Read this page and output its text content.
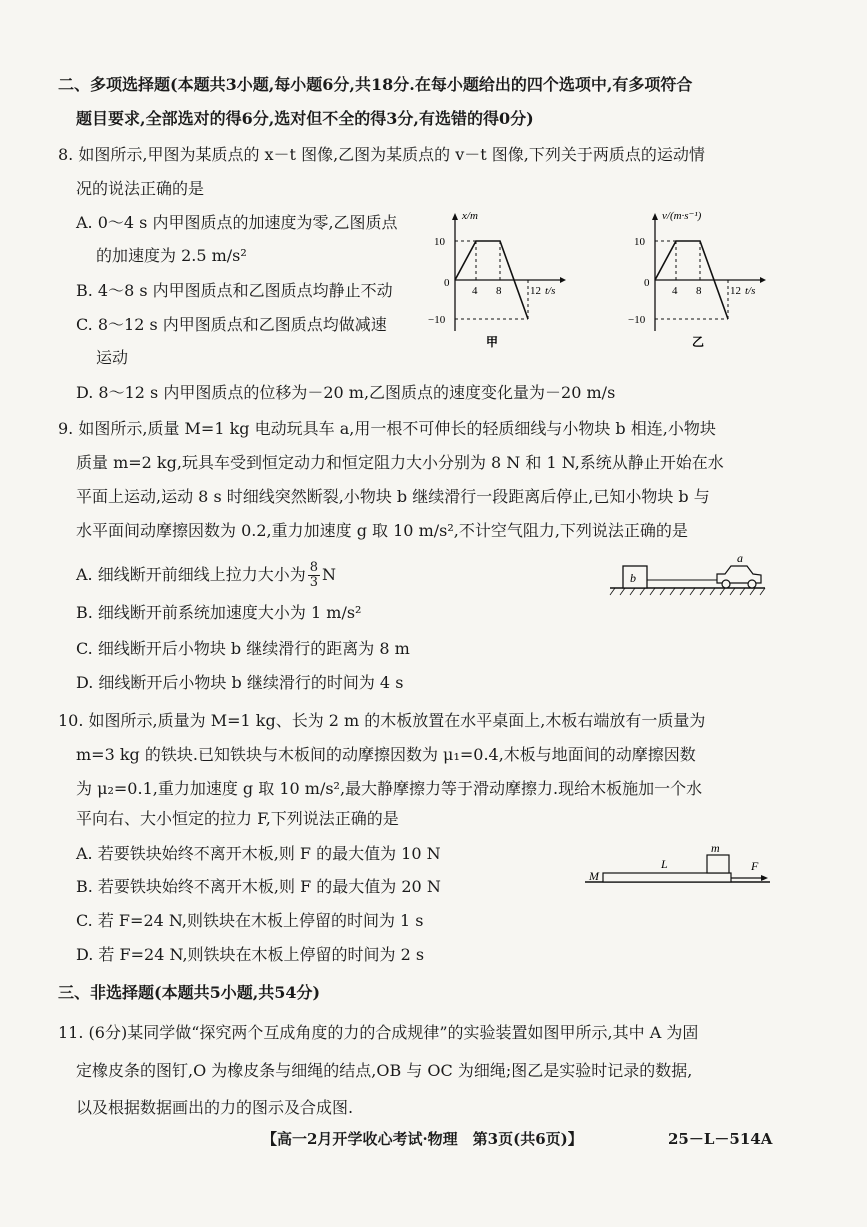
二、多项选择题(本题共3小题,每小题6分,共18分.在每小题给出的四个选项中,有多项符合
题目要求,全部选对的得6分,选对但不全的得3分,有选错的得0分)
8. 如图所示,甲图为某质点的 x－t 图像,乙图为某质点的 v－t 图像,下列关于两质点的运动情
况的说法正确的是
A. 0～4 s 内甲图质点的加速度为零,乙图质点
的加速度为 2.5 m/s²
B. 4～8 s 内甲图质点和乙图质点均静止不动
C. 8～12 s 内甲图质点和乙图质点均做减速
运动
D. 8～12 s 内甲图质点的位移为－20 m,乙图质点的速度变化量为－20 m/s
x/m
10
−10
0
4 8	12 t/s
甲
v/(m·s⁻¹)
10
−10
0
4 8	12 t/s
乙
9. 如图所示,质量 M=1 kg 电动玩具车 a,用一根不可伸长的轻质细线与小物块 b 相连,小物块
质量 m=2 kg,玩具车受到恒定动力和恒定阻力大小分别为 8 N 和 1 N,系统从静止开始在水
平面上运动,运动 8 s 时细线突然断裂,小物块 b 继续滑行一段距离后停止,已知小物块 b 与
水平面间动摩擦因数为 0.2,重力加速度 g 取 10 m/s²,不计空气阻力,下列说法正确的是
A. 细线断开前细线上拉力大小为 $\frac{8}{3}$ N
B. 细线断开前系统加速度大小为 1 m/s²
C. 细线断开后小物块 b 继续滑行的距离为 8 m
D. 细线断开后小物块 b 继续滑行的时间为 4 s
b
a
10. 如图所示,质量为 M=1 kg、长为 2 m 的木板放置在水平桌面上,木板右端放有一质量为
m=3 kg 的铁块.已知铁块与木板间的动摩擦因数为 μ₁=0.4,木板与地面间的动摩擦因数
为 μ₂=0.1,重力加速度 g 取 10 m/s²,最大静摩擦力等于滑动摩擦力.现给木板施加一个水
平向右、大小恒定的拉力 F,下列说法正确的是
A. 若要铁块始终不离开木板,则 F 的最大值为 10 N
B. 若要铁块始终不离开木板,则 F 的最大值为 20 N
C. 若 F=24 N,则铁块在木板上停留的时间为 1 s
D. 若 F=24 N,则铁块在木板上停留的时间为 2 s
M
L
m
F
三、非选择题(本题共5小题,共54分)
11. (6分)某同学做“探究两个互成角度的力的合成规律”的实验装置如图甲所示,其中 A 为固
定橡皮条的图钉,O 为橡皮条与细绳的结点,OB 与 OC 为细绳;图乙是实验时记录的数据,
以及根据数据画出的力的图示及合成图.
【高一2月开学收心考试·物理　第3页(共6页)】	25－L－514A
